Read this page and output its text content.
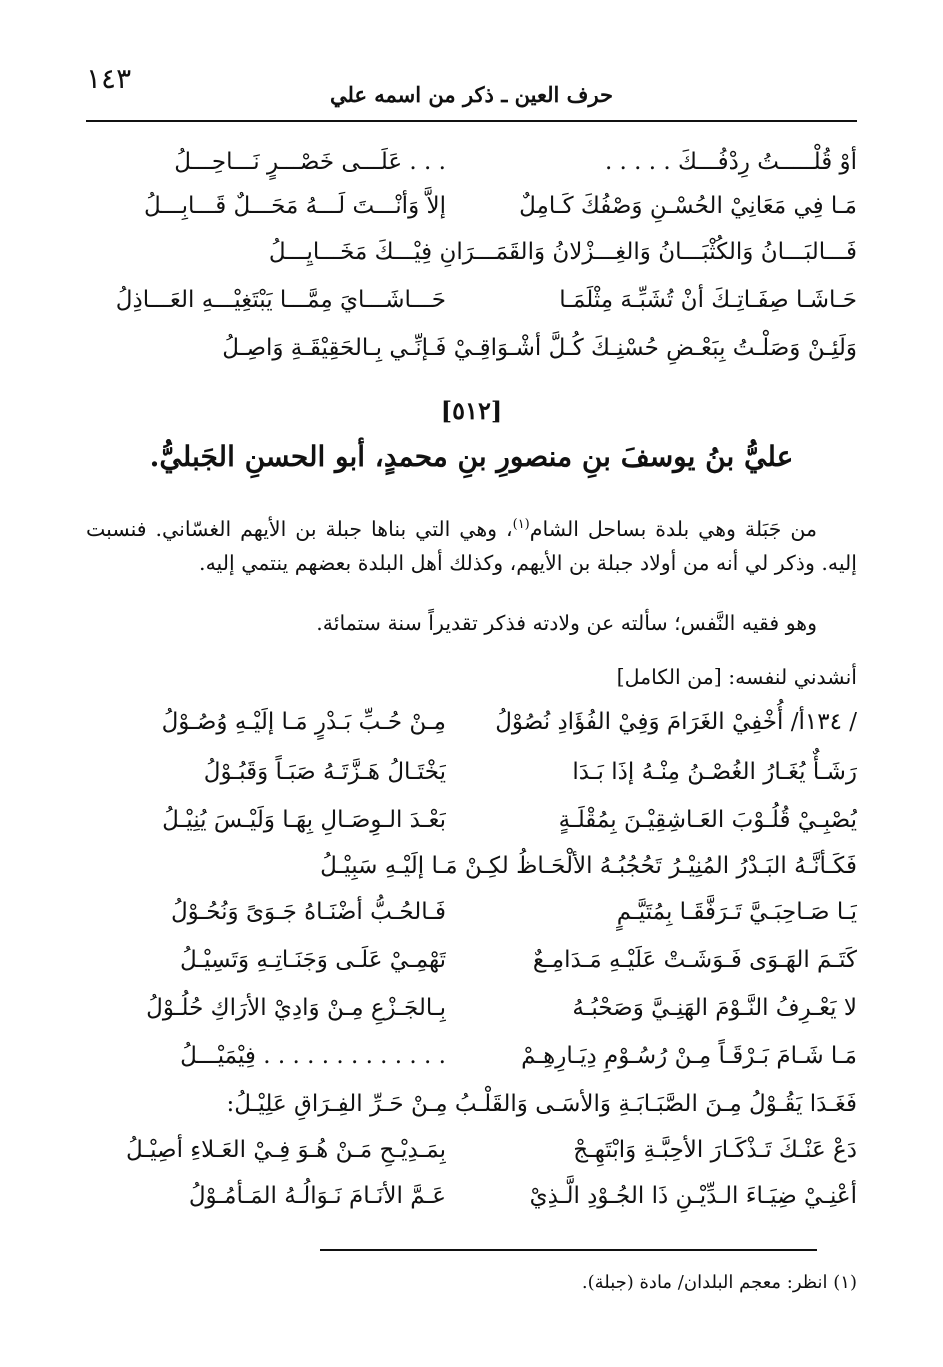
١٤٣	حرف العين ـ ذكر من اسمه علي
أوْ قُلْـــــتُ رِدْفُـــكَ . . . . .
. . . عَلَـــى خَصْـــرٍ نَـــاحِـــلُ
مَـا فِي مَعَانِيْ الحُسْـنِ وَصْفُكَ كَـامِلٌ
إلاَّ وَأنْـــتَ لَـــهُ مَحَـــلٌ قَـــابِـــلُ
فَـــالبَـــانُ وَالكُثْبَـــانُ وَالغِـــزْلانُ وَالقَمَـــرَانِ فِيْـــكَ مَخَـــايِـــلُ
حَـاشَـا صِفَـاتِـكَ أنْ تُشَبِّـهَ مِثْلَمَـا
حَـــاشَـــايَ مِمَّـــا يَبْتَغِيْـــهِ العَـــاذِلُ
وَلَئِـنْ وَصَلْـتُ بِبَعْـضِ حُسْنِـكَ كُـلَّ أشْـوَاقِـيْ فَـإنِّـي بِـالحَقِيْقَـةِ وَاصِـلُ
[٥١٢]
عليُّ بنُ يوسفَ بنِ منصورِ بنِ محمدٍ، أبو الحسنِ الجَبليُّ.

من جَبَلة وهي بلدة بساحل الشام$^{(١)}$، وهي التي بناها جبلة بن الأيهم الغسّاني. فنسبت إليه. وذكر لي أنه من أولاد جبلة بن الأيهم، وكذلك أهل البلدة بعضهم ينتمي إليه.

وهو فقيه النَّفس؛ سألته عن ولادته فذكر تقديراً سنة ستمائة.

أنشدني لنفسه: [من الكامل]
/ ١٣٤أ/ أُخْفِيْ الغَرَامَ وَفِيْ الفُؤَادِ نُصُوْلُ
مِـنْ حُـبِّ بَـدْرٍ مَـا إلَيْـهِ وُصُـوْلُ
رَشَـأٌ يُغَـارُ الغُصْـنُ مِنْـهُ إذَا بَـدَا
يَخْتَـالُ هَـزَّتَـهُ صَبَـاً وَقَبُـوْلُ
يُصْبِـيْ قُلُـوْبَ العَـاشِقِيْـنَ بِمُقْلَـةٍ
بَعْـدَ الـوِصَـالِ بِهَـا وَلَيْـسَ يُنِيْـلُ
فَكَـأنَّـهُ البَـدْرُ المُنِيْـرُ تَحُجُبُـهُ الألْحَـاظُ لكِـنْ مَـا إلَيْـهِ سَبِيْـلُ
يَـا صَـاحِبَـيَّ تَـرَفَّقَـا بِمُتَيَّـمٍ
فَـالحُـبُّ أضْنَـاهُ جَـوَىً وَنُحُـوْلُ
كَتَـمَ الهَـوَى فَـوَشَـتْ عَلَيْـهِ مَـدَامِـعٌ
تَهْمِـيْ عَلَـى وَجَنَـاتِـهِ وَتَسِيْـلُ
لا يَعْـرِفُ النَّـوْمَ الهَنِـيَّ وَصَحْبُـهُ
بِـالجَـزْعِ مِـنْ وَادِيْ الأرَاكِ حُلُـوْلُ
مَـا شَـامَ بَـرْقَـاً مِـنْ رُسُـوْمِ دِيَـارِهِـمْ
. . . . . . . . . . . . . فِيْمَيْـــلُ
فَغَـدَا يَقُـوْلُ مِـنَ الصَّبَـابَـةِ وَالأسَـى وَالقَلْـبُ مِـنْ حَـرِّ الفِـرَاقِ عَلِيْـلُ:
دَعْ عَنْـكَ تَـذْكَـارَ الأحِبَّـةِ وَابْتَهِـجْ
بِمَـدِيْـحِ مَـنْ هُـوَ فِـيْ العَـلاءِ أصِيْـلُ
أعْنِـيْ ضِيَـاءَ الـدِّيْـنِ ذَا الجُـوْدِ الَّـذِيْ
عَـمَّ الأنَـامَ نَـوَالُـهُ المَـأمُـوْلُ
(١) انظر: معجم البلدان/ مادة (جبلة).
